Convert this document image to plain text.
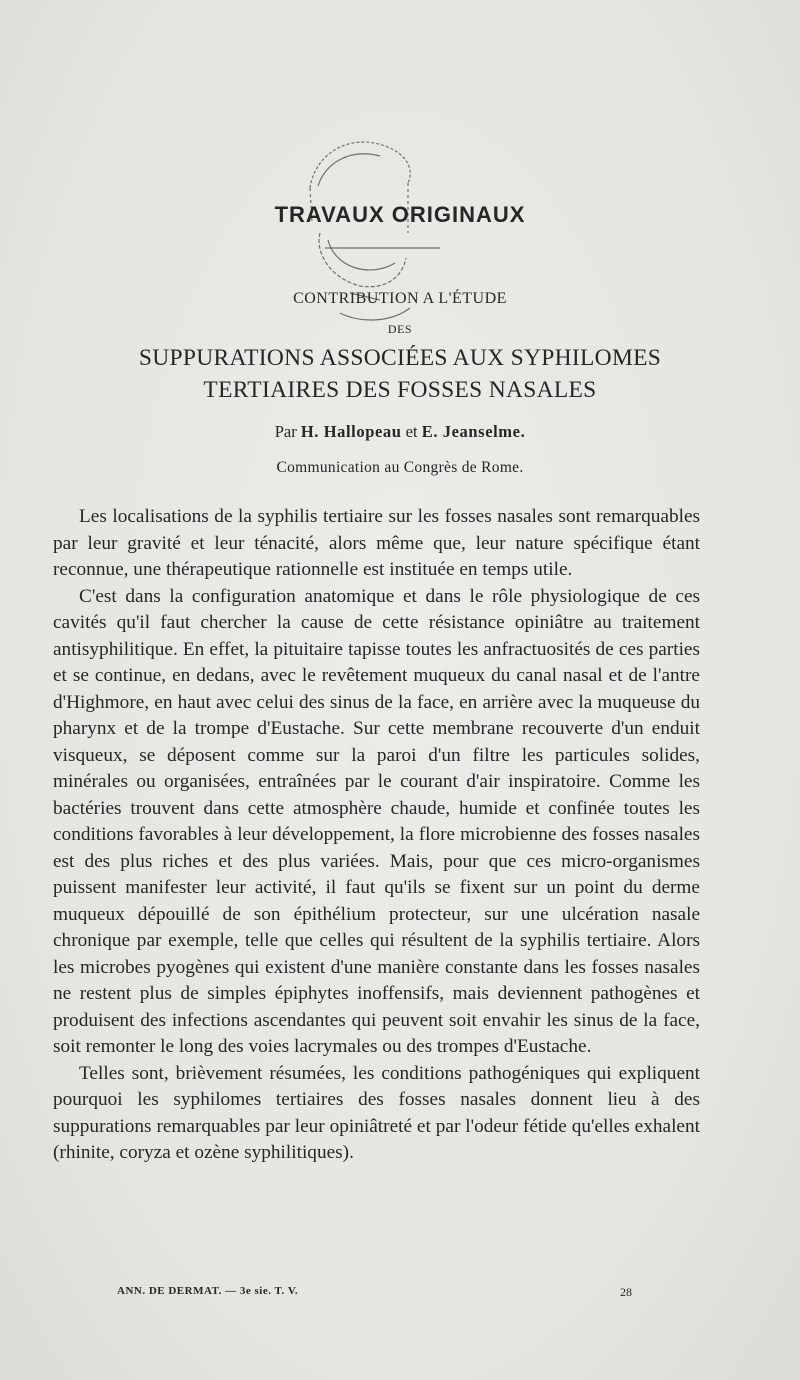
TRAVAUX ORIGINAUX
CONTRIBUTION A L'ÉTUDE
DES
SUPPURATIONS ASSOCIÉES AUX SYPHILOMES
TERTIAIRES DES FOSSES NASALES
Par H. Hallopeau et E. Jeanselme.
Communication au Congrès de Rome.

Les localisations de la syphilis tertiaire sur les fosses nasales sont remarquables par leur gravité et leur ténacité, alors même que, leur nature spécifique étant reconnue, une thérapeutique rationnelle est instituée en temps utile.

C'est dans la configuration anatomique et dans le rôle physiologique de ces cavités qu'il faut chercher la cause de cette résistance opiniâtre au traitement antisyphilitique. En effet, la pituitaire tapisse toutes les anfractuosités de ces parties et se continue, en dedans, avec le revêtement muqueux du canal nasal et de l'antre d'Highmore, en haut avec celui des sinus de la face, en arrière avec la muqueuse du pharynx et de la trompe d'Eustache. Sur cette membrane recouverte d'un enduit visqueux, se déposent comme sur la paroi d'un filtre les particules solides, minérales ou organisées, entraînées par le courant d'air inspiratoire. Comme les bactéries trouvent dans cette atmosphère chaude, humide et confinée toutes les conditions favorables à leur développement, la flore microbienne des fosses nasales est des plus riches et des plus variées. Mais, pour que ces micro-organismes puissent manifester leur activité, il faut qu'ils se fixent sur un point du derme muqueux dépouillé de son épithélium protecteur, sur une ulcération nasale chronique par exemple, telle que celles qui résultent de la syphilis tertiaire. Alors les microbes pyogènes qui existent d'une manière constante dans les fosses nasales ne restent plus de simples épiphytes inoffensifs, mais deviennent pathogènes et produisent des infections ascendantes qui peuvent soit envahir les sinus de la face, soit remonter le long des voies lacrymales ou des trompes d'Eustache.

Telles sont, brièvement résumées, les conditions pathogéniques qui expliquent pourquoi les syphilomes tertiaires des fosses nasales donnent lieu à des suppurations remarquables par leur opiniâtreté et par l'odeur fétide qu'elles exhalent (rhinite, coryza et ozène syphilitiques).

ANN. DE DERMAT. — 3e sie. T. V.	28
